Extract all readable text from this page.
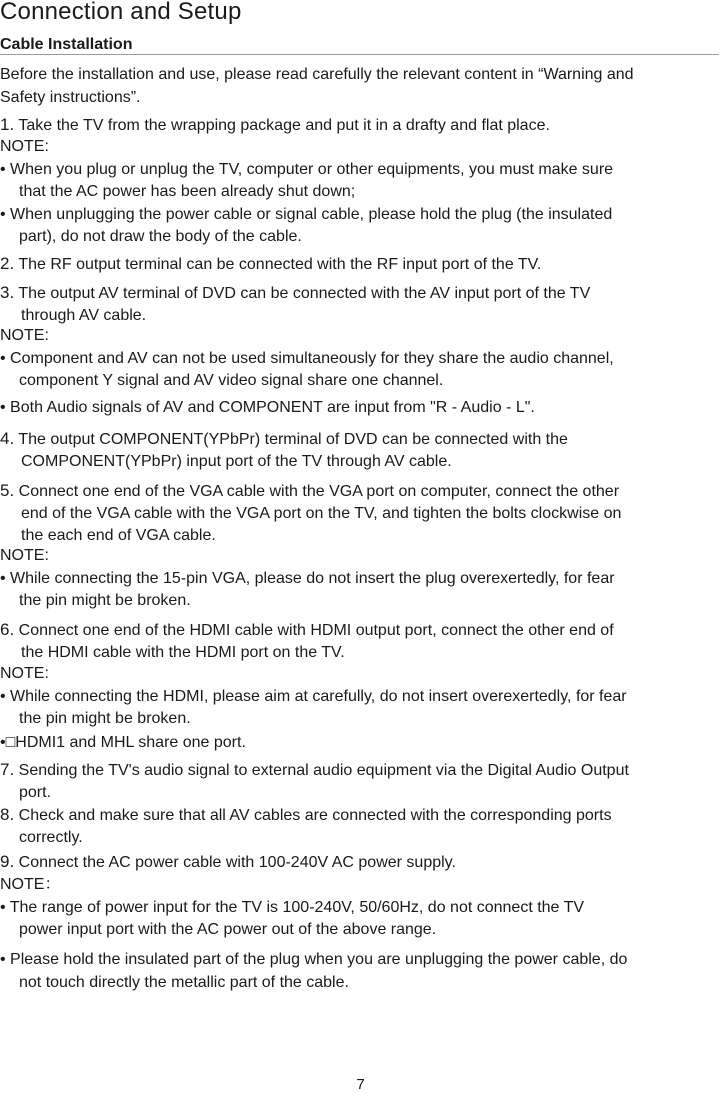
Connection and Setup
Cable Installation
Before the installation and use, please read carefully the relevant content in “Warning and
Safety instructions”.
1. Take the TV from the wrapping package and put it in a drafty and flat place.
NOTE:
• When you plug or unplug the TV, computer or other equipments, you must make sure
that the AC power has been already shut down;
• When unplugging the power cable or signal cable, please hold the plug (the insulated
part), do not draw the body of the cable.
2. The RF output terminal can be connected with the RF input port of the TV.
3. The output AV terminal of DVD can be connected with the AV input port of the TV
through AV cable.
NOTE:
• Component and AV can not be used simultaneously for they share the audio channel,
component Y signal and AV video signal share one channel.
• Both Audio signals of AV and COMPONENT are input from "R - Audio - L".
4. The output COMPONENT(YPbPr) terminal of DVD can be connected with the
COMPONENT(YPbPr) input port of the TV through AV cable.
5. Connect one end of the VGA cable with the VGA port on computer, connect the other
end of the VGA cable with the VGA port on the TV, and tighten the bolts clockwise on
the each end of VGA cable.
NOTE:
• While connecting the 15-pin VGA, please do not insert the plug overexertedly, for fear
the pin might be broken.
6. Connect one end of the HDMI cable with HDMI output port, connect the other end of
the HDMI cable with the HDMI port on the TV.
NOTE:
• While connecting the HDMI, please aim at carefully, do not insert overexertedly, for fear
the pin might be broken.
•□HDMI1 and MHL share one port.
7. Sending the TV's audio signal to external audio equipment via the Digital Audio Output
port.
8. Check and make sure that all AV cables are connected with the corresponding ports
correctly.
9. Connect the AC power cable with 100-240V AC power supply.
NOTE：
• The range of power input for the TV is 100-240V, 50/60Hz, do not connect the TV
power input port with the AC power out of the above range.
• Please hold the insulated part of the plug when you are unplugging the power cable, do
not touch directly the metallic part of the cable.
7
